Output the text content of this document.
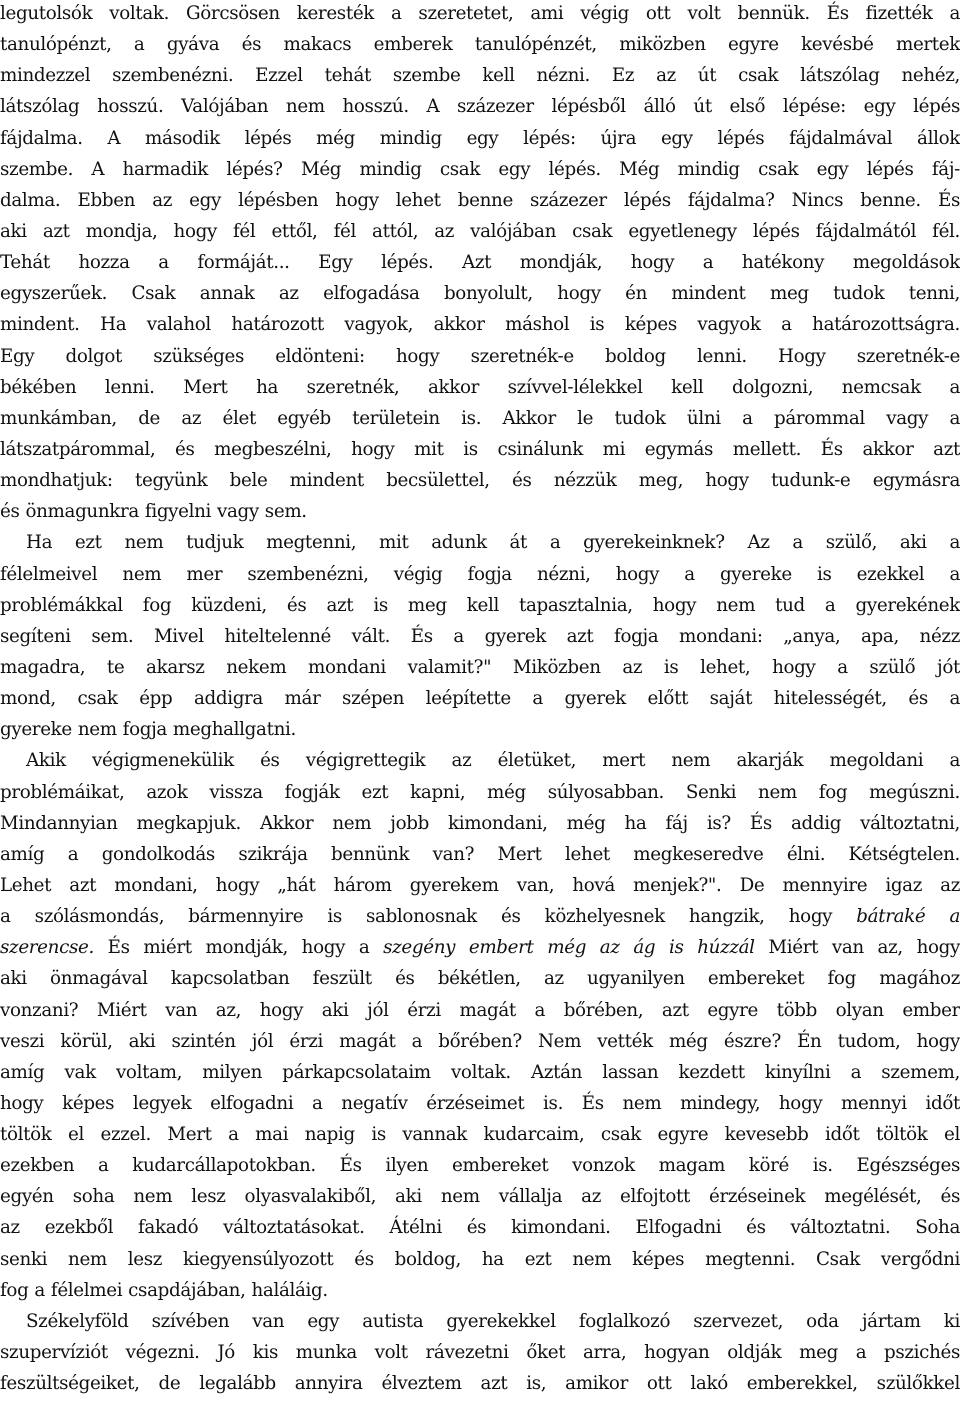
legutolsók voltak. Görcsösen keresték a szeretetet, ami végig ott volt bennük. És fizették a
tanulópénzt, a gyáva és makacs emberek tanulópénzét, miközben egyre kevésbé mertek
mindezzel szembenézni. Ezzel tehát szembe kell nézni. Ez az út csak látszólag nehéz,
látszólag hosszú. Valójában nem hosszú. A százezer lépésből álló út első lépése: egy lépés
fájdalma. A második lépés még mindig egy lépés: újra egy lépés fájdalmával állok
szembe. A harmadik lépés? Még mindig csak egy lépés. Még mindig csak egy lépés fáj-
dalma. Ebben az egy lépésben hogy lehet benne százezer lépés fájdalma? Nincs benne. És
aki azt mondja, hogy fél ettől, fél attól, az valójában csak egyetlenegy lépés fájdalmától fél.
Tehát hozza a formáját... Egy lépés. Azt mondják, hogy a hatékony megoldások
egyszerűek. Csak annak az elfogadása bonyolult, hogy én mindent meg tudok tenni,
mindent. Ha valahol határozott vagyok, akkor máshol is képes vagyok a határozottságra.
Egy dolgot szükséges eldönteni: hogy szeretnék-e boldog lenni. Hogy szeretnék-e
békében lenni. Mert ha szeretnék, akkor szívvel-lélekkel kell dolgozni, nemcsak a
munkámban, de az élet egyéb területein is. Akkor le tudok ülni a párommal vagy a
látszatpárommal, és megbeszélni, hogy mit is csinálunk mi egymás mellett. És akkor azt
mondhatjuk: tegyünk bele mindent becsülettel, és nézzük meg, hogy tudunk-e egymásra
és önmagunkra figyelni vagy sem.
Ha ezt nem tudjuk megtenni, mit adunk át a gyerekeinknek? Az a szülő, aki a
félelmeivel nem mer szembenézni, végig fogja nézni, hogy a gyereke is ezekkel a
problémákkal fog küzdeni, és azt is meg kell tapasztalnia, hogy nem tud a gyerekének
segíteni sem. Mivel hiteltelenné vált. És a gyerek azt fogja mondani: „anya, apa, nézz
magadra, te akarsz nekem mondani valamit?" Miközben az is lehet, hogy a szülő jót
mond, csak épp addigra már szépen leépítette a gyerek előtt saját hitelességét, és a
gyereke nem fogja meghallgatni.
Akik végigmenekülik és végigrettegik az életüket, mert nem akarják megoldani a
problémáikat, azok vissza fogják ezt kapni, még súlyosabban. Senki nem fog megúszni.
Mindannyian megkapjuk. Akkor nem jobb kimondani, még ha fáj is? És addig változtatni,
amíg a gondolkodás szikrája bennünk van? Mert lehet megkeseredve élni. Kétségtelen.
Lehet azt mondani, hogy „hát három gyerekem van, hová menjek?". De mennyire igaz az
a szólásmondás, bármennyire is sablonosnak és közhelyesnek hangzik, hogy bátraké a
szerencse. És miért mondják, hogy a szegény embert még az ág is húzzál Miért van az, hogy
aki önmagával kapcsolatban feszült és békétlen, az ugyanilyen embereket fog magához
vonzani? Miért van az, hogy aki jól érzi magát a bőrében, azt egyre több olyan ember
veszi körül, aki szintén jól érzi magát a bőrében? Nem vették még észre? Én tudom, hogy
amíg vak voltam, milyen párkapcsolataim voltak. Aztán lassan kezdett kinyílni a szemem,
hogy képes legyek elfogadni a negatív érzéseimet is. És nem mindegy, hogy mennyi időt
töltök el ezzel. Mert a mai napig is vannak kudarcaim, csak egyre kevesebb időt töltök el
ezekben a kudarcállapotokban. És ilyen embereket vonzok magam köré is. Egészséges
egyén soha nem lesz olyasvalakiből, aki nem vállalja az elfojtott érzéseinek megélését, és
az ezekből fakadó változtatásokat. Átélni és kimondani. Elfogadni és változtatni. Soha
senki nem lesz kiegyensúlyozott és boldog, ha ezt nem képes megtenni. Csak vergődni
fog a félelmei csapdájában, haláláig.
Székelyföld szívében van egy autista gyerekekkel foglalkozó szervezet, oda jártam ki
szupervíziót végezni. Jó kis munka volt rávezetni őket arra, hogyan oldják meg a pszichés
feszültségeiket, de legalább annyira élveztem azt is, amikor ott lakó emberekkel, szülőkkel
